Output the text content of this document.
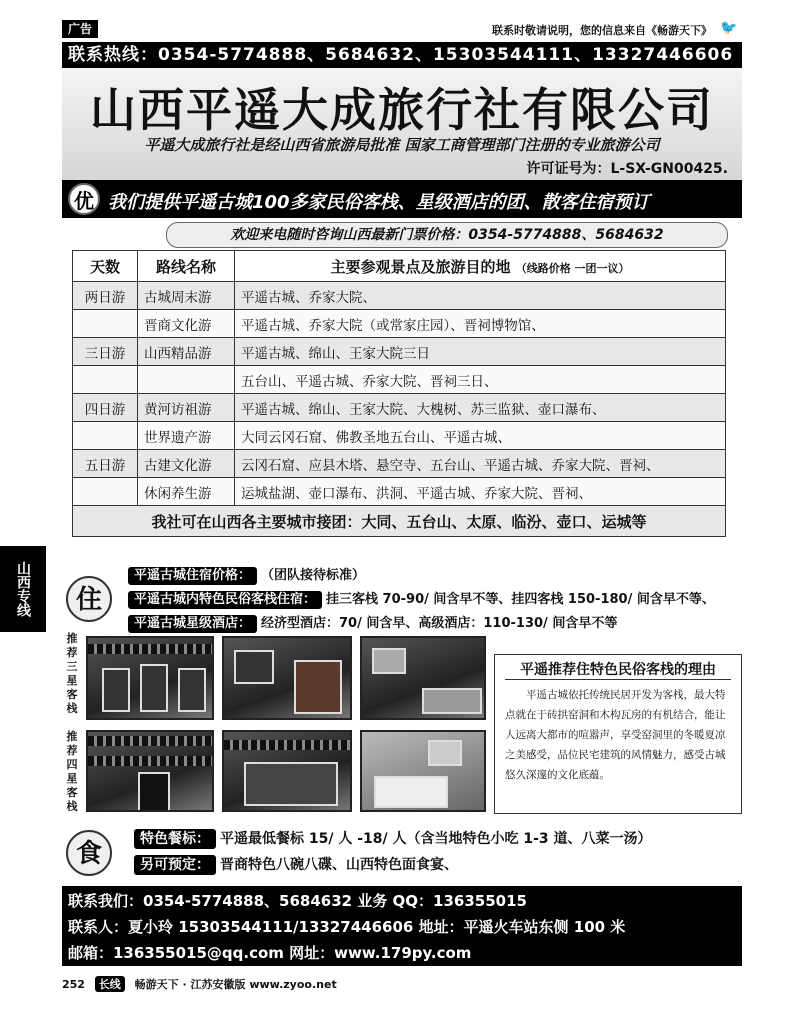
广告	联系时敬请说明，您的信息来自《畅游天下》 🐦
联系热线：0354-5774888、5684632、15303544111、13327446606
山西平遥大成旅行社有限公司
平遥大成旅行社是经山西省旅游局批准 国家工商管理部门注册的专业旅游公司
许可证号为：L-SX-GN00425.
优 我们提供平遥古城100多家民俗客栈、星级酒店的团、散客住宿预订
欢迎来电随时咨询山西最新门票价格：0354-5774888、5684632
天数	路线名称	主要参观景点及旅游目的地 （线路价格 一团一议）
两日游	古城周末游	平遥古城、乔家大院、
	晋商文化游	平遥古城、乔家大院（或常家庄园）、晋祠博物馆、
三日游	山西精品游	平遥古城、绵山、王家大院三日
		五台山、平遥古城、乔家大院、晋祠三日、
四日游	黄河访祖游	平遥古城、绵山、王家大院、大槐树、苏三监狱、壶口瀑布、
	世界遗产游	大同云冈石窟、佛教圣地五台山、平遥古城、
五日游	古建文化游	云冈石窟、应县木塔、悬空寺、五台山、平遥古城、乔家大院、晋祠、
	休闲养生游	运城盐湖、壶口瀑布、洪洞、平遥古城、乔家大院、晋祠、
我社可在山西各主要城市接团：大同、五台山、太原、临汾、壶口、运城等		
山西专线	住
平遥古城住宿价格： （团队接待标准）
平遥古城内特色民俗客栈住宿： 挂三客栈 70-90/ 间含早不等、挂四客栈 150-180/ 间含早不等、
平遥古城星级酒店： 经济型酒店：70/ 间含早、高级酒店：110-130/ 间含早不等
推荐三星客栈
推荐四星客栈
平遥推荐住特色民俗客栈的理由
平遥古城依托传统民居开发为客栈，最大特点就在于砖拱窑洞和木构瓦房的有机结合，能让人远离大都市的喧嚣声，享受窑洞里的冬暖夏凉之美感受，品位民宅建筑的风情魅力，感受古城悠久深邃的文化底蕴。
食	特色餐标： 平遥最低餐标 15/ 人 -18/ 人（含当地特色小吃 1-3 道、八菜一汤）
另可预定： 晋商特色八碗八碟、山西特色面食宴、
联系我们：0354-5774888、5684632 业务 QQ：136355015
联系人：夏小玲 15303544111/13327446606 地址：平遥火车站东侧 100 米
邮箱：136355015@qq.com 网址：www.179py.com
252 长线 畅游天下 · 江苏安徽版 www.zyoo.net
